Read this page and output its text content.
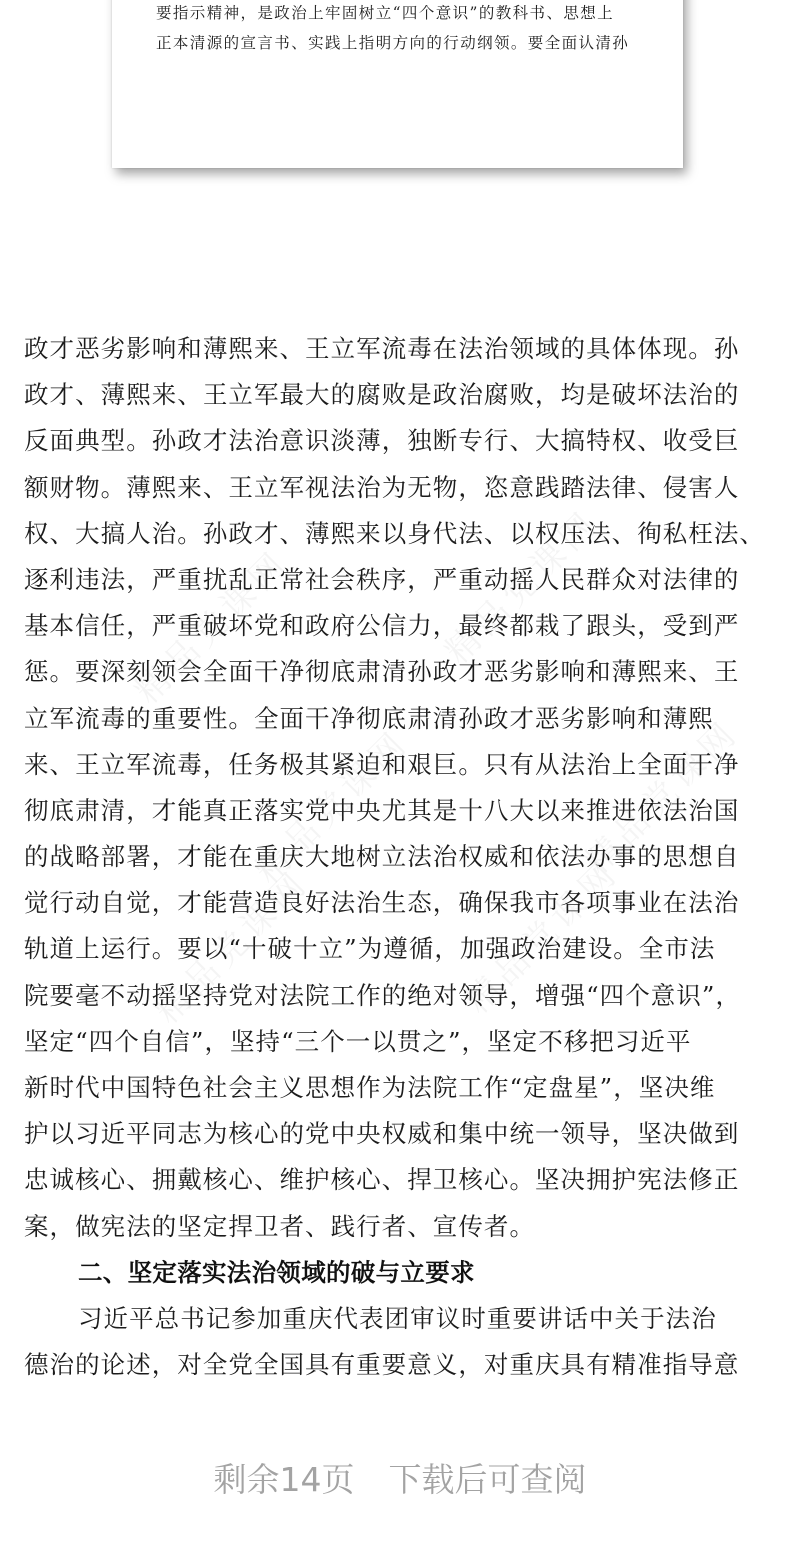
要指示精神，是政治上牢固树立“四个意识”的教科书、思想上
正本清源的宣言书、实践上指明方向的行动纲领。要全面认清孙
政才恶劣影响和薄熙来、王立军流毒在法治领域的具体体现。孙
政才、薄熙来、王立军最大的腐败是政治腐败，均是破坏法治的
反面典型。孙政才法治意识淡薄，独断专行、大搞特权、收受巨
额财物。薄熙来、王立军视法治为无物，恣意践踏法律、侵害人
权、大搞人治。孙政才、薄熙来以身代法、以权压法、徇私枉法、
逐利违法，严重扰乱正常社会秩序，严重动摇人民群众对法律的
基本信任，严重破坏党和政府公信力，最终都栽了跟头，受到严
惩。要深刻领会全面干净彻底肃清孙政才恶劣影响和薄熙来、王
立军流毒的重要性。全面干净彻底肃清孙政才恶劣影响和薄熙
来、王立军流毒，任务极其紧迫和艰巨。只有从法治上全面干净
彻底肃清，才能真正落实党中央尤其是十八大以来推进依法治国
的战略部署，才能在重庆大地树立法治权威和依法办事的思想自
觉行动自觉，才能营造良好法治生态，确保我市各项事业在法治
轨道上运行。要以“十破十立”为遵循，加强政治建设。全市法
院要毫不动摇坚持党对法院工作的绝对领导，增强“四个意识”，
坚定“四个自信”，坚持“三个一以贯之”，坚定不移把习近平
新时代中国特色社会主义思想作为法院工作“定盘星”，坚决维
护以习近平同志为核心的党中央权威和集中统一领导，坚决做到
忠诚核心、拥戴核心、维护核心、捍卫核心。坚决拥护宪法修正
案，做宪法的坚定捍卫者、践行者、宣传者。
二、坚定落实法治领域的破与立要求
习近平总书记参加重庆代表团审议时重要讲话中关于法治
德治的论述，对全党全国具有重要意义，对重庆具有精准指导意
剩余14页 下载后可查阅
